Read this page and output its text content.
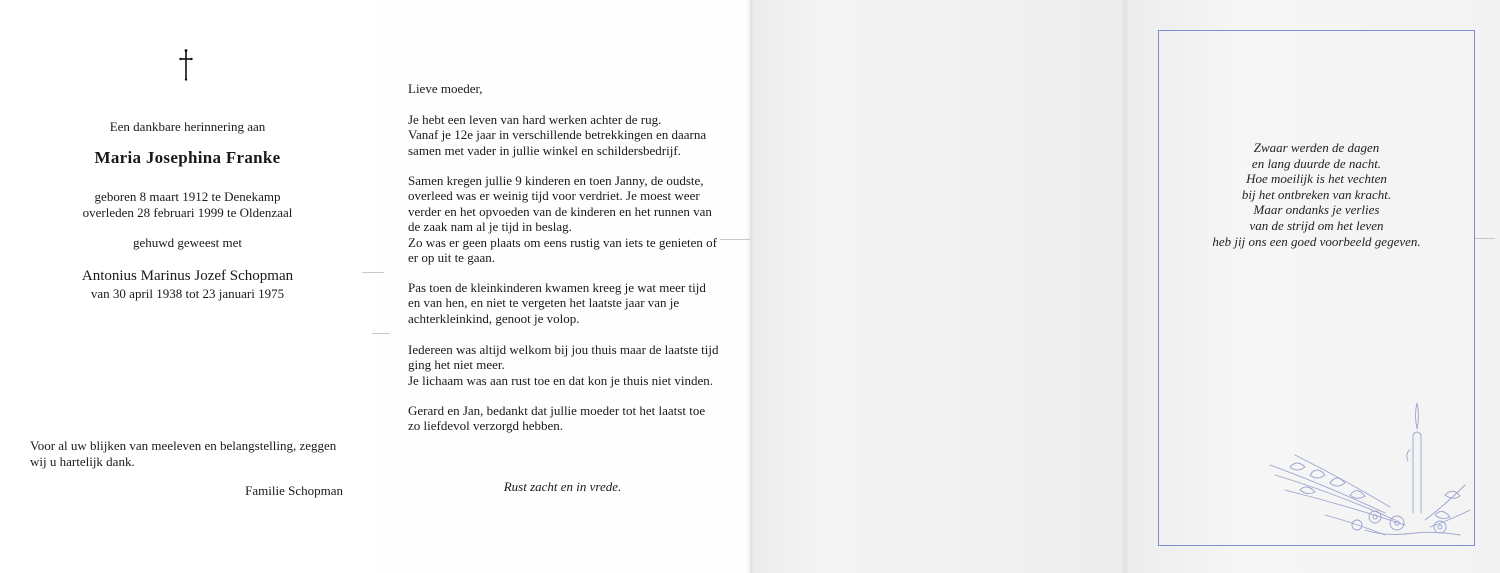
Een dankbare herinnering aan
Maria Josephina Franke
geboren 8 maart 1912 te Denekamp
overleden 28 februari 1999 te Oldenzaal
gehuwd geweest met
Antonius Marinus Jozef Schopman
van 30 april 1938 tot 23 januari 1975
Voor al uw blijken van meeleven en belangstelling, zeggen
wij u hartelijk dank.
Familie Schopman
Lieve moeder,
Je hebt een leven van hard werken achter de rug.
Vanaf je 12e jaar in verschillende betrekkingen en daarna
samen met vader in jullie winkel en schildersbedrijf.
Samen kregen jullie 9 kinderen en toen Janny, de oudste,
overleed was er weinig tijd voor verdriet. Je moest weer
verder en het opvoeden van de kinderen en het runnen van
de zaak nam al je tijd in beslag.
Zo was er geen plaats om eens rustig van iets te genieten of
er op uit te gaan.
Pas toen de kleinkinderen kwamen kreeg je wat meer tijd
en van hen, en niet te vergeten het laatste jaar van je
achterkleinkind, genoot je volop.
Iedereen was altijd welkom bij jou thuis maar de laatste tijd
ging het niet meer.
Je lichaam was aan rust toe en dat kon je thuis niet vinden.
Gerard en Jan, bedankt dat jullie moeder tot het laatst toe
zo liefdevol verzorgd hebben.
Rust zacht en in vrede.
Zwaar werden de dagen
en lang duurde de nacht.
Hoe moeilijk is het vechten
bij het ontbreken van kracht.
Maar ondanks je verlies
van de strijd om het leven
heb jij ons een goed voorbeeld gegeven.
